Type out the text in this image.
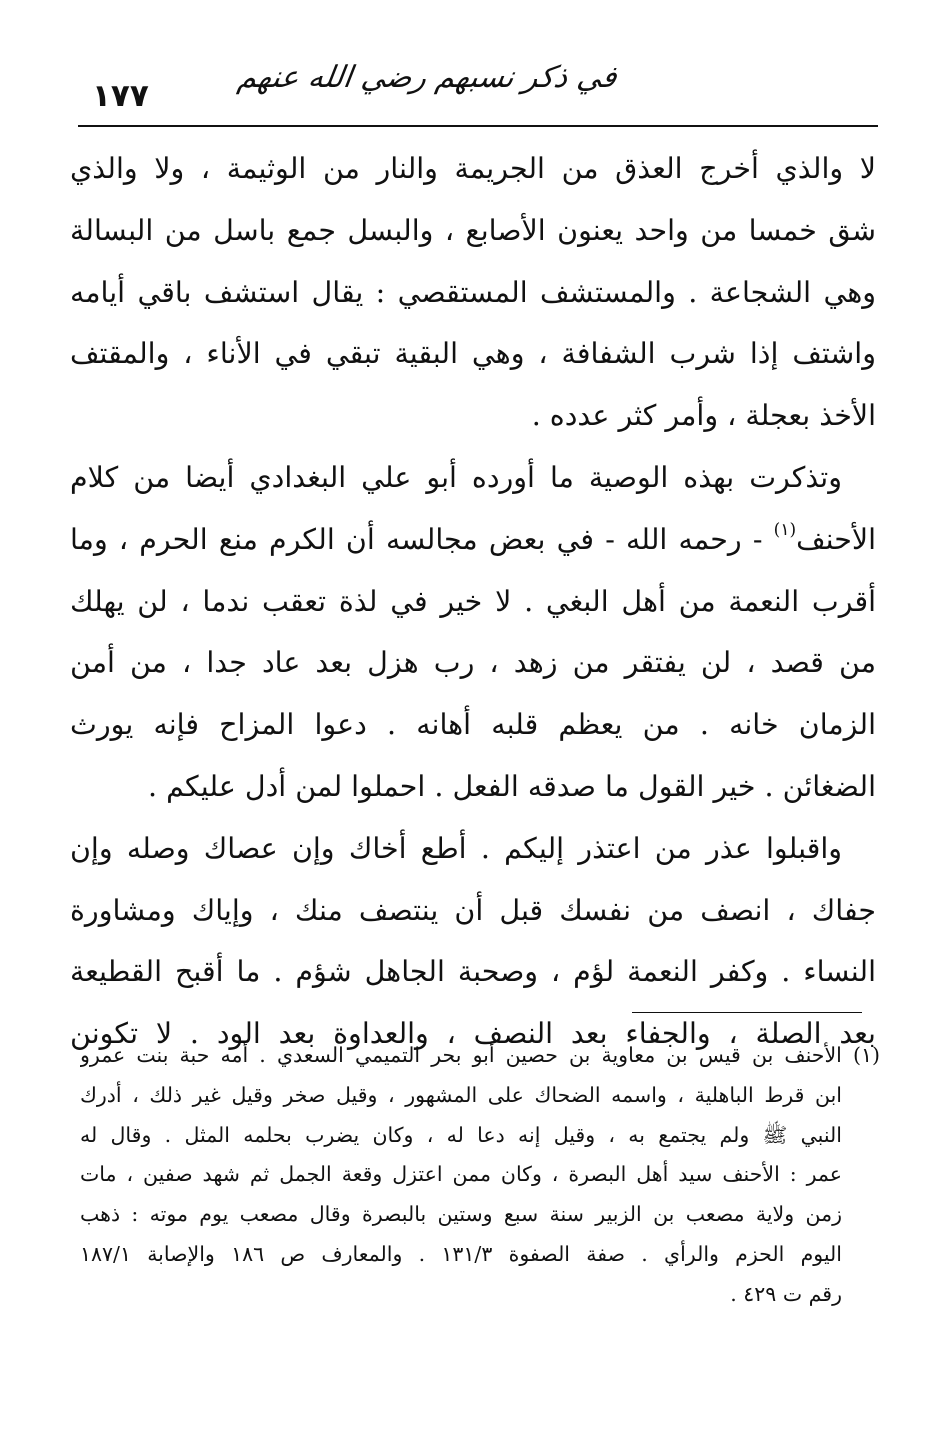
١٧٧
في ذكر نسبهم رضي الله عنهم
لا والذي أخرج العذق من الجريمة والنار من الوثيمة ، ولا والذي
شق خمسا من واحد يعنون الأصابع ، والبسل جمع باسل من البسالة
وهي الشجاعة . والمستشف المستقصي : يقال استشف باقي أيامه
واشتف إذا شرب الشفافة ، وهي البقية تبقي في الأناء ، والمقتف
الأخذ بعجلة ، وأمر كثر عدده .
وتذكرت بهذه الوصية ما أورده أبو علي البغدادي أيضا من كلام
الأحنف$^{(١)}$ - رحمه الله - في بعض مجالسه أن الكرم منع الحرم ، وما
أقرب النعمة من أهل البغي . لا خير في لذة تعقب ندما ، لن يهلك
من قصد ، لن يفتقر من زهد ، رب هزل بعد عاد جدا ، من أمن
الزمان خانه . من يعظم قلبه أهانه . دعوا المزاح فإنه يورث
الضغائن . خير القول ما صدقه الفعل . احملوا لمن أدل عليكم .
واقبلوا عذر من اعتذر إليكم . أطع أخاك وإن عصاك وصله وإن
جفاك ، انصف من نفسك قبل أن ينتصف منك ، وإياك ومشاورة
النساء . وكفر النعمة لؤم ، وصحبة الجاهل شؤم . ما أقبح القطيعة
بعد الصلة ، والجفاء بعد النصف ، والعداوة بعد الود . لا تكونن
(١) الأحنف بن قيس بن معاوية بن حصين أبو بحر التميمي السعدي . أمه حبة بنت عمرو
ابن قرط الباهلية ، واسمه الضحاك على المشهور ، وقيل صخر وقيل غير ذلك ، أدرك
النبي ﷺ ولم يجتمع به ، وقيل إنه دعا له ، وكان يضرب بحلمه المثل . وقال له
عمر : الأحنف سيد أهل البصرة ، وكان ممن اعتزل وقعة الجمل ثم شهد صفين ، مات
زمن ولاية مصعب بن الزبير سنة سبع وستين بالبصرة وقال مصعب يوم موته : ذهب
اليوم الحزم والرأي . صفة الصفوة ١٣١/٣ . والمعارف ص ١٨٦ والإصابة ١٨٧/١
رقم ت ٤٢٩ .
